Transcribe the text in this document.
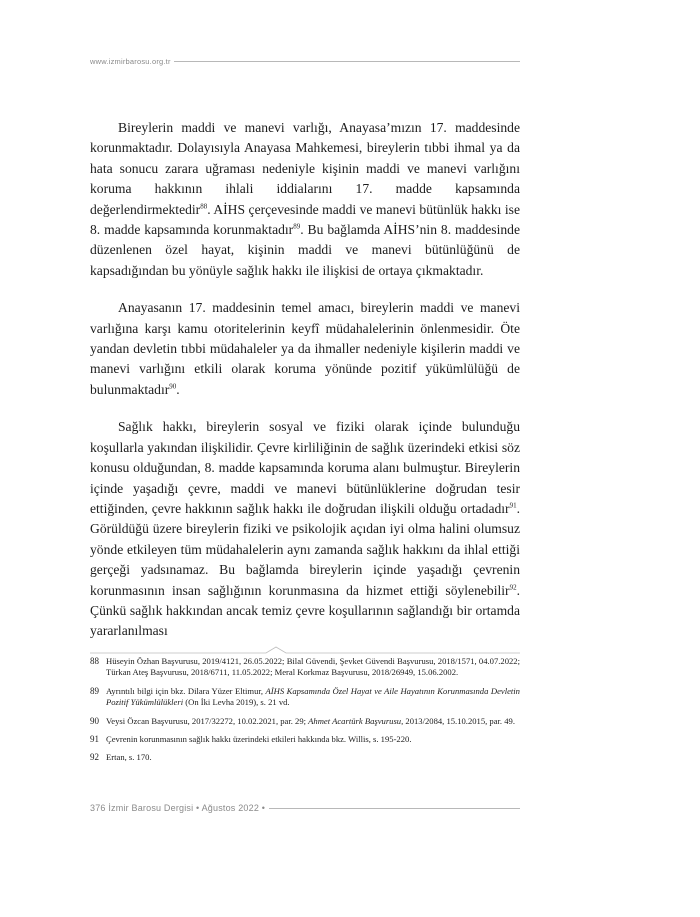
www.izmirbarosu.org.tr

Bireylerin maddi ve manevi varlığı, Anayasa’mızın 17. maddesinde korunmaktadır. Dolayısıyla Anayasa Mahkemesi, bireylerin tıbbi ihmal ya da hata sonucu zarara uğraması nedeniyle kişinin maddi ve manevi varlığını koruma hakkının ihlali iddialarını 17. madde kapsamında değerlendirmektedir$^{88}$. AİHS çerçevesinde maddi ve manevi bütünlük hakkı ise 8. madde kapsamında korunmaktadır$^{89}$. Bu bağlamda AİHS’nin 8. maddesinde düzenlenen özel hayat, kişinin maddi ve manevi bütünlüğünü de kapsadığından bu yönüyle sağlık hakkı ile ilişkisi de ortaya çıkmaktadır.

Anayasanın 17. maddesinin temel amacı, bireylerin maddi ve manevi varlığına karşı kamu otoritelerinin keyfî müdahalelerinin önlenmesidir. Öte yandan devletin tıbbi müdahaleler ya da ihmaller nedeniyle kişilerin maddi ve manevi varlığını etkili olarak koruma yönünde pozitif yükümlülüğü de bulunmaktadır$^{90}$.

Sağlık hakkı, bireylerin sosyal ve fiziki olarak içinde bulunduğu koşullarla yakından ilişkilidir. Çevre kirliliğinin de sağlık üzerindeki etkisi söz konusu olduğundan, 8. madde kapsamında koruma alanı bulmuştur. Bireylerin içinde yaşadığı çevre, maddi ve manevi bütünlüklerine doğrudan tesir ettiğinden, çevre hakkının sağlık hakkı ile doğrudan ilişkili olduğu ortadadır$^{91}$. Görüldüğü üzere bireylerin fiziki ve psikolojik açıdan iyi olma halini olumsuz yönde etkileyen tüm müdahalelerin aynı zamanda sağlık hakkını da ihlal ettiği gerçeği yadsınamaz. Bu bağlamda bireylerin içinde yaşadığı çevrenin korunmasının insan sağlığının korunmasına da hizmet ettiği söylenebilir$^{92}$. Çünkü sağlık hakkından ancak temiz çevre koşullarının sağlandığı bir ortamda yararlanılması

88 Hüseyin Özhan Başvurusu, 2019/4121, 26.05.2022; Bilal Güvendi, Şevket Güvendi Başvurusu, 2018/1571, 04.07.2022; Türkan Ateş Başvurusu, 2018/6711, 11.05.2022; Meral Korkmaz Başvurusu, 2018/26949, 15.06.2002.
89 Ayrıntılı bilgi için bkz. Dilara Yüzer Eltimur, AİHS Kapsamında Özel Hayat ve Aile Hayatının Korunmasında Devletin Pozitif Yükümlülükleri (On İki Levha 2019), s. 21 vd.
90 Veysi Özcan Başvurusu, 2017/32272, 10.02.2021, par. 29; Ahmet Acartürk Başvurusu, 2013/2084, 15.10.2015, par. 49.
91 Çevrenin korunmasının sağlık hakkı üzerindeki etkileri hakkında bkz. Willis, s. 195-220.
92 Ertan, s. 170.
376 İzmir Barosu Dergisi • Ağustos 2022 •
